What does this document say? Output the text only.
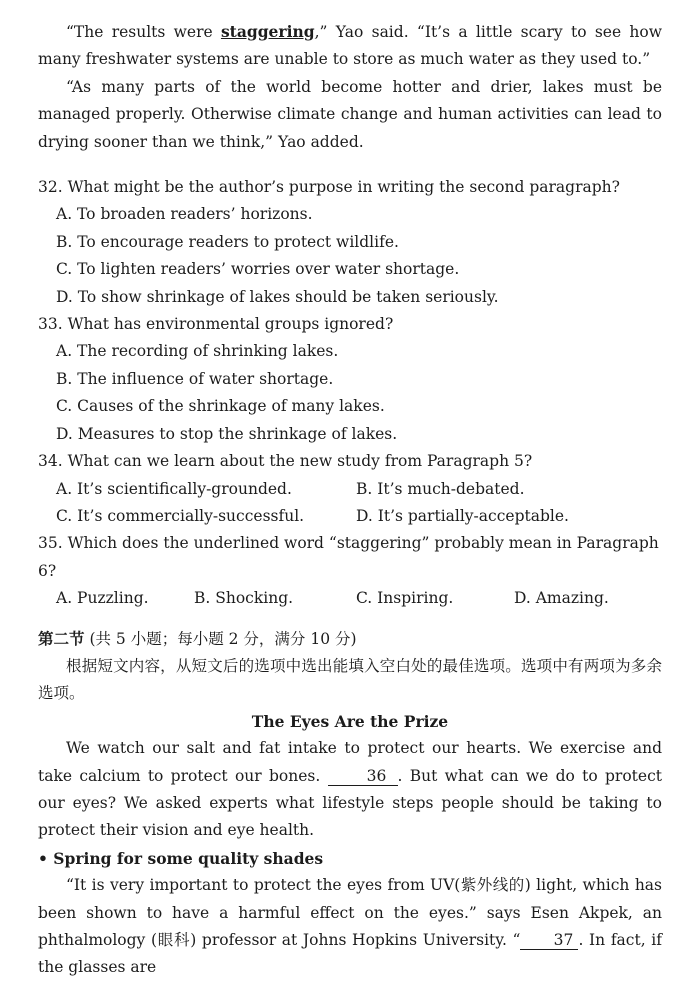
“The results were staggering,” Yao said. “It’s a little scary to see how many freshwater systems are unable to store as much water as they used to.”

“As many parts of the world become hotter and drier, lakes must be managed properly. Otherwise climate change and human activities can lead to drying sooner than we think,” Yao added.

32. What might be the author’s purpose in writing the second paragraph?
A. To broaden readers’ horizons.
B. To encourage readers to protect wildlife.
C. To lighten readers’ worries over water shortage.
D. To show shrinkage of lakes should be taken seriously.
33. What has environmental groups ignored?
A. The recording of shrinking lakes.
B. The influence of water shortage.
C. Causes of the shrinkage of many lakes.
D. Measures to stop the shrinkage of lakes.
34. What can we learn about the new study from Paragraph 5?
A. It’s scientifically-grounded.	B. It’s much-debated.
C. It’s commercially-successful.	D. It’s partially-acceptable.
35. Which does the underlined word “staggering” probably mean in Paragraph 6?
A. Puzzling.	B. Shocking.	C. Inspiring.	D. Amazing.
第二节 (共 5 小题；每小题 2 分，满分 10 分)

根据短文内容，从短文后的选项中选出能填入空白处的最佳选项。选项中有两项为多余选项。

The Eyes Are the Prize

We watch our salt and fat intake to protect our hearts. We exercise and take calcium to protect our bones.	36 . But what can we do to protect our eyes? We asked experts what lifestyle steps people should be taking to protect their vision and eye health.

• Spring for some quality shades

“It is very important to protect the eyes from UV(紫外线的) light, which has been shown to have a harmful effect on the eyes.” says Esen Akpek, an phthalmology (眼科) professor at Johns Hopkins University. “ 37 . In fact, if the glasses are
